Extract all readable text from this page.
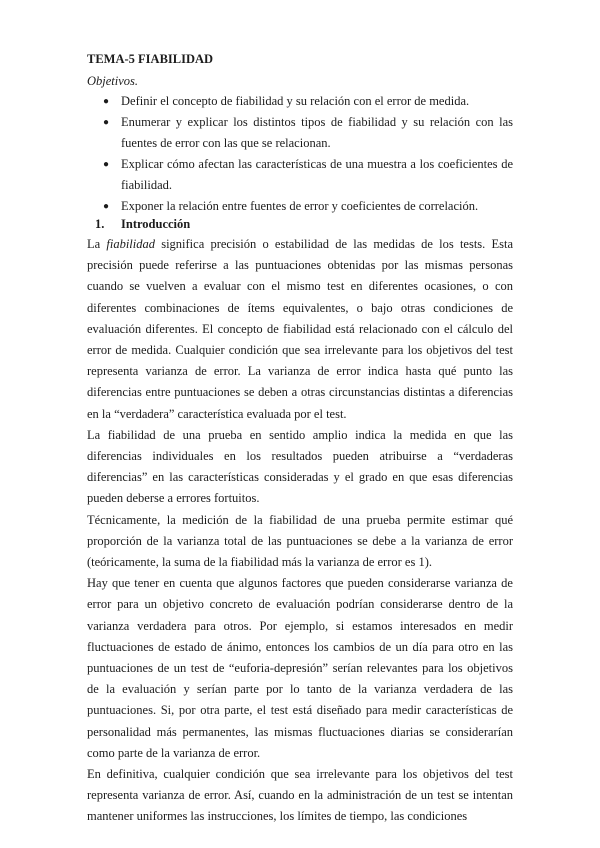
TEMA-5 FIABILIDAD

Objetivos.

● Definir el concepto de fiabilidad y su relación con el error de medida.
● Enumerar y explicar los distintos tipos de fiabilidad y su relación con las fuentes de error con las que se relacionan.
● Explicar cómo afectan las características de una muestra a los coeficientes de fiabilidad.
● Exponer la relación entre fuentes de error y coeficientes de correlación.

1. Introducción

La fiabilidad significa precisión o estabilidad de las medidas de los tests. Esta precisión puede referirse a las puntuaciones obtenidas por las mismas personas cuando se vuelven a evaluar con el mismo test en diferentes ocasiones, o con diferentes combinaciones de ítems equivalentes, o bajo otras condiciones de evaluación diferentes. El concepto de fiabilidad está relacionado con el cálculo del error de medida. Cualquier condición que sea irrelevante para los objetivos del test representa varianza de error. La varianza de error indica hasta qué punto las diferencias entre puntuaciones se deben a otras circunstancias distintas a diferencias en la “verdadera” característica evaluada por el test.

La fiabilidad de una prueba en sentido amplio indica la medida en que las diferencias individuales en los resultados pueden atribuirse a “verdaderas diferencias” en las características consideradas y el grado en que esas diferencias pueden deberse a errores fortuitos.

Técnicamente, la medición de la fiabilidad de una prueba permite estimar qué proporción de la varianza total de las puntuaciones se debe a la varianza de error (teóricamente, la suma de la fiabilidad más la varianza de error es 1).

Hay que tener en cuenta que algunos factores que pueden considerarse varianza de error para un objetivo concreto de evaluación podrían considerarse dentro de la varianza verdadera para otros. Por ejemplo, si estamos interesados en medir fluctuaciones de estado de ánimo, entonces los cambios de un día para otro en las puntuaciones de un test de “euforia-depresión” serían relevantes para los objetivos de la evaluación y serían parte por lo tanto de la varianza verdadera de las puntuaciones. Si, por otra parte, el test está diseñado para medir características de personalidad más permanentes, las mismas fluctuaciones diarias se considerarían como parte de la varianza de error.

En definitiva, cualquier condición que sea irrelevante para los objetivos del test representa varianza de error. Así, cuando en la administración de un test se intentan mantener uniformes las instrucciones, los límites de tiempo, las condiciones
